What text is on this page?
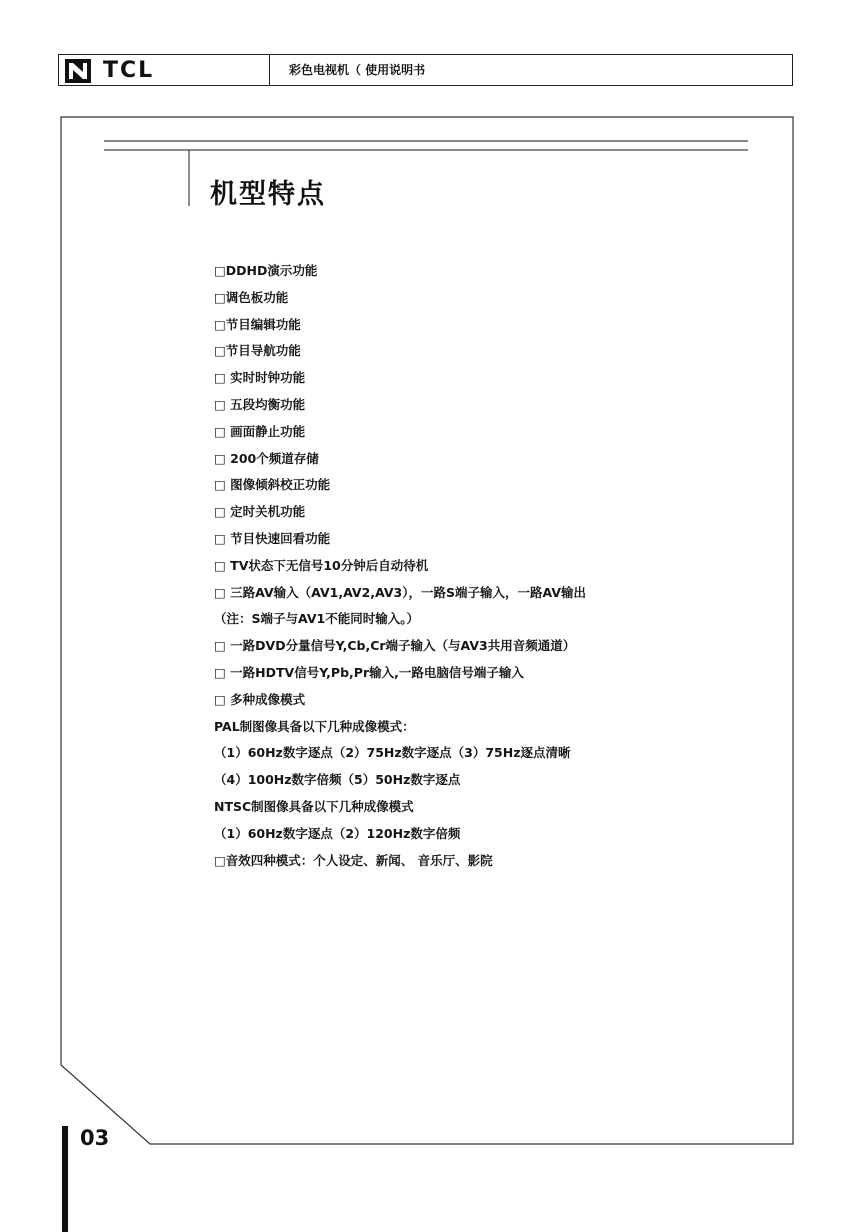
TCL	彩色电视机（ 使用说明书
机型特点
□DDHD演示功能
□调色板功能
□节目编辑功能
□节目导航功能
□ 实时时钟功能
□ 五段均衡功能
□ 画面静止功能
□ 200个频道存储
□ 图像倾斜校正功能
□ 定时关机功能
□ 节目快速回看功能
□ TV状态下无信号10分钟后自动待机
□ 三路AV输入（AV1,AV2,AV3），一路S端子输入，一路AV输出
（注：S端子与AV1不能同时输入。）
□ 一路DVD分量信号Y,Cb,Cr端子输入（与AV3共用音频通道）
□ 一路HDTV信号Y,Pb,Pr输入,一路电脑信号端子输入
□ 多种成像模式
PAL制图像具备以下几种成像模式：
（1）60Hz数字逐点（2）75Hz数字逐点（3）75Hz逐点清晰
（4）100Hz数字倍频（5）50Hz数字逐点
NTSC制图像具备以下几种成像模式
（1）60Hz数字逐点（2）120Hz数字倍频
□音效四种模式：个人设定、新闻、 音乐厅、影院
03
